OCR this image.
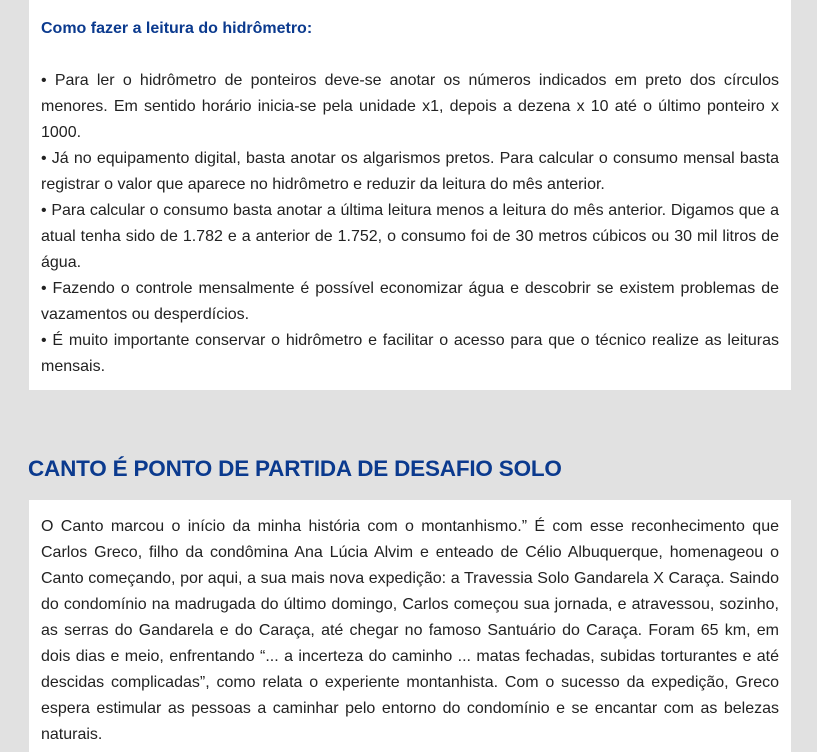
Como fazer a leitura do hidrômetro:

• Para ler o hidrômetro de ponteiros deve-se anotar os números indicados em preto dos círculos menores. Em sentido horário inicia-se pela unidade x1, depois a dezena x 10 até o último ponteiro x 1000.

• Já no equipamento digital, basta anotar os algarismos pretos. Para calcular o consumo mensal basta registrar o valor que aparece no hidrômetro e reduzir da leitura do mês anterior.

• Para calcular o consumo basta anotar a última leitura menos a leitura do mês anterior. Digamos que a atual tenha sido de 1.782 e a anterior de 1.752, o consumo foi de 30 metros cúbicos ou 30 mil litros de água.

• Fazendo o controle mensalmente é possível economizar água e descobrir se existem problemas de vazamentos ou desperdícios.

• É muito importante conservar o hidrômetro e facilitar o acesso para que o técnico realize as leituras mensais.

CANTO É PONTO DE PARTIDA DE DESAFIO SOLO

O Canto marcou o início da minha história com o montanhismo.” É com esse reconhecimento que Carlos Greco, filho da condômina Ana Lúcia Alvim e enteado de Célio Albuquerque, homenageou o Canto começando, por aqui, a sua mais nova expedição: a Travessia Solo Gandarela X Caraça. Saindo do condomínio na madrugada do último domingo, Carlos começou sua jornada, e atravessou, sozinho, as serras do Gandarela e do Caraça, até chegar no famoso Santuário do Caraça. Foram 65 km, em dois dias e meio, enfrentando “... a incerteza do caminho ... matas fechadas, subidas torturantes e até descidas complicadas”, como relata o experiente montanhista. Com o sucesso da expedição, Greco espera estimular as pessoas a caminhar pelo entorno do condomínio e se encantar com as belezas naturais.
